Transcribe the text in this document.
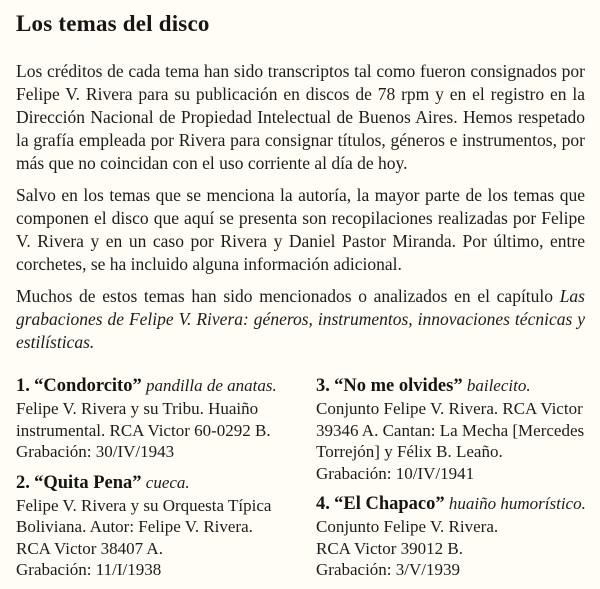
Los temas del disco

Los créditos de cada tema han sido transcriptos tal como fueron consignados por Felipe V. Rivera para su publicación en discos de 78 rpm y en el registro en la Dirección Nacional de Propiedad Intelectual de Buenos Aires. Hemos respetado la grafía empleada por Rivera para consignar títulos, géneros e instrumentos, por más que no coincidan con el uso corriente al día de hoy.

Salvo en los temas que se menciona la autoría, la mayor parte de los temas que componen el disco que aquí se presenta son recopilaciones realizadas por Felipe V. Rivera y en un caso por Rivera y Daniel Pastor Miranda. Por último, entre corchetes, se ha incluido alguna información adicional.

Muchos de estos temas han sido mencionados o analizados en el capítulo Las grabaciones de Felipe V. Rivera: géneros, instrumentos, innovaciones técnicas y estilísticas.

1. “Condorcito” pandilla de anatas.
Felipe V. Rivera y su Tribu. Huaiño
instrumental. RCA Victor 60-0292 B.
Grabación: 30/IV/1943
2. “Quita Pena” cueca.
Felipe V. Rivera y su Orquesta Típica
Boliviana. Autor: Felipe V. Rivera.
RCA Victor 38407 A.
Grabación: 11/I/1938
3. “No me olvides” bailecito.
Conjunto Felipe V. Rivera. RCA Victor
39346 A. Cantan: La Mecha [Mercedes
Torrejón] y Félix B. Leaño.
Grabación: 10/IV/1941
4. “El Chapaco” huaiño humorístico.
Conjunto Felipe V. Rivera.
RCA Victor 39012 B.
Grabación: 3/V/1939
